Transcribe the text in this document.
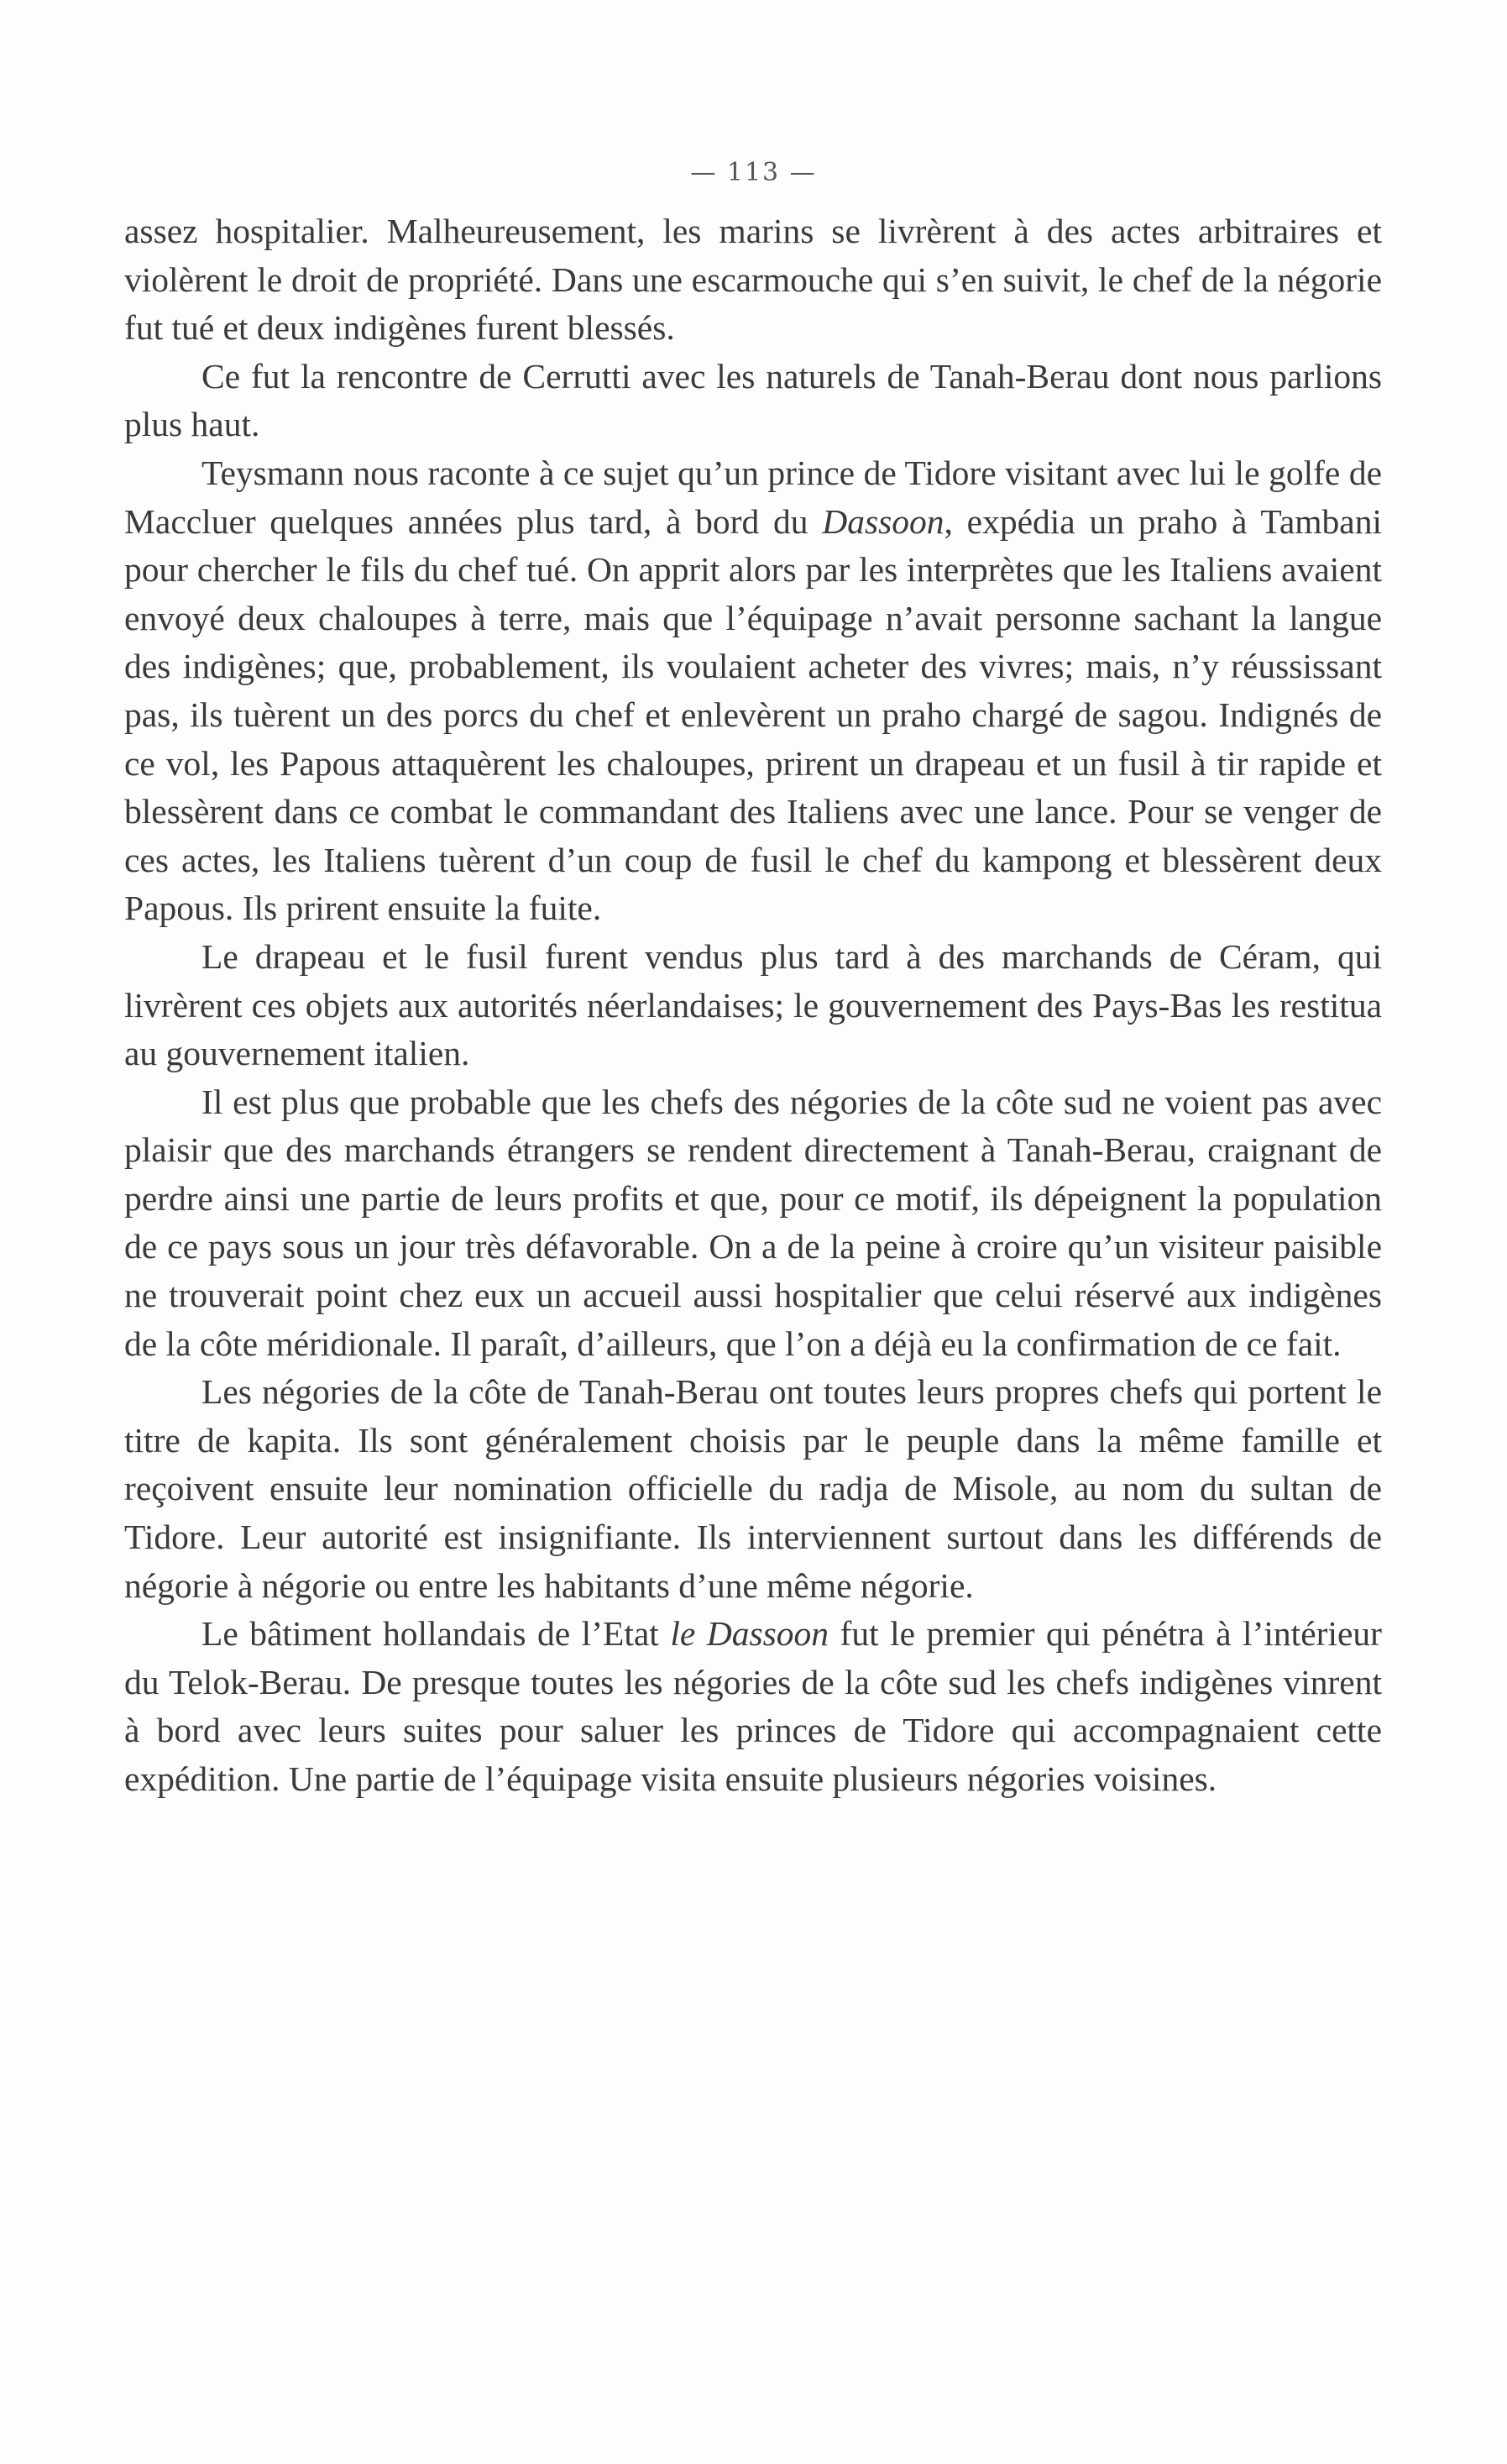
— 113 —

assez hospitalier. Malheureusement, les marins se livrèrent à des actes arbitraires et violèrent le droit de propriété. Dans une escarmouche qui s’en suivit, le chef de la négorie fut tué et deux indigènes furent blessés.

Ce fut la rencontre de Cerrutti avec les naturels de Tanah-Berau dont nous parlions plus haut.

Teysmann nous raconte à ce sujet qu’un prince de Tidore visitant avec lui le golfe de Maccluer quelques années plus tard, à bord du Dassoon, expédia un praho à Tambani pour chercher le fils du chef tué. On apprit alors par les interprètes que les Italiens avaient envoyé deux chaloupes à terre, mais que l’équipage n’avait personne sachant la langue des indigènes; que, probablement, ils voulaient acheter des vivres; mais, n’y réussissant pas, ils tuèrent un des porcs du chef et enlevèrent un praho chargé de sagou. Indignés de ce vol, les Papous attaquèrent les chaloupes, prirent un drapeau et un fusil à tir rapide et blessèrent dans ce combat le commandant des Italiens avec une lance. Pour se venger de ces actes, les Italiens tuèrent d’un coup de fusil le chef du kampong et blessèrent deux Papous. Ils prirent ensuite la fuite.

Le drapeau et le fusil furent vendus plus tard à des marchands de Céram, qui livrèrent ces objets aux autorités néerlandaises; le gouvernement des Pays-Bas les restitua au gouvernement italien.

Il est plus que probable que les chefs des négories de la côte sud ne voient pas avec plaisir que des marchands étrangers se rendent directement à Tanah-Berau, craignant de perdre ainsi une partie de leurs profits et que, pour ce motif, ils dépeignent la population de ce pays sous un jour très défavorable. On a de la peine à croire qu’un visiteur paisible ne trouverait point chez eux un accueil aussi hospitalier que celui réservé aux indigènes de la côte méridionale. Il paraît, d’ailleurs, que l’on a déjà eu la confirmation de ce fait.

Les négories de la côte de Tanah-Berau ont toutes leurs propres chefs qui portent le titre de kapita. Ils sont généralement choisis par le peuple dans la même famille et reçoivent ensuite leur nomination officielle du radja de Misole, au nom du sultan de Tidore. Leur autorité est insignifiante. Ils interviennent surtout dans les différends de négorie à négorie ou entre les habitants d’une même négorie.

Le bâtiment hollandais de l’Etat le Dassoon fut le premier qui pénétra à l’intérieur du Telok-Berau. De presque toutes les négories de la côte sud les chefs indigènes vinrent à bord avec leurs suites pour saluer les princes de Tidore qui accompagnaient cette expédition. Une partie de l’équipage visita ensuite plusieurs négories voisines.
